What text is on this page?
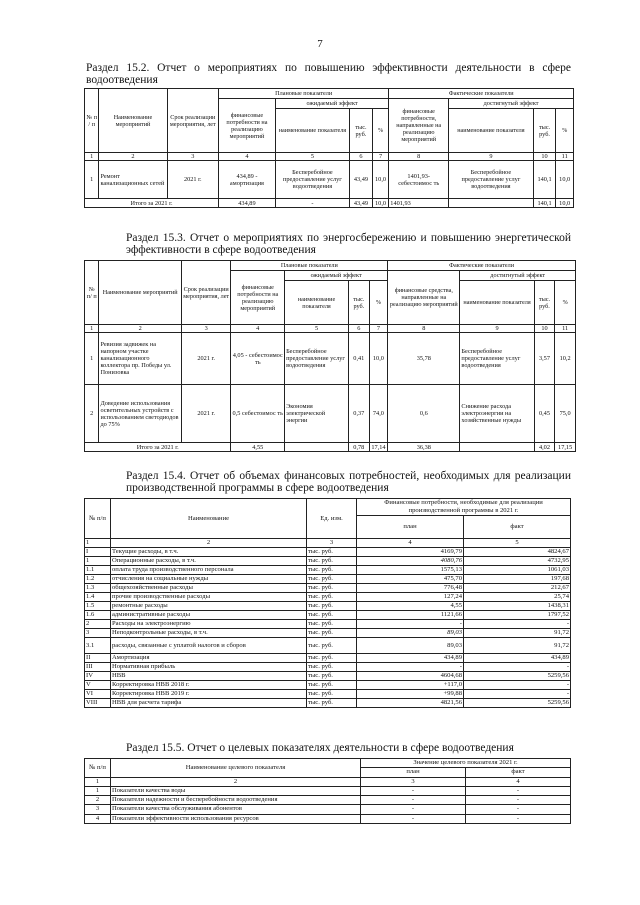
7
Раздел 15.2. Отчет о мероприятиях по повышению эффективности деятельности в сфере водоотведения
№ п / п	Наименование мероприятий	Срок реализации мероприятия, лет	Плановые показатели				Фактические показатели			
			финансовые потребности на реализацию мероприятий	ожидаемый эффект			финансовые потребности, направленные на реализацию мероприятий	достигнутый эффект		
				наименование показателя	тыс. руб.	%		наименование показателя	тыс. руб.	%
1	2	3	4	5	6	7	8	9	10	11
1	Ремонт канализационных сетей	2021 г.	434,89 - амортизация	Бесперебойное предоставление услуг водоотведения	43,49	10,0	1401,93- себестоимос ть	Бесперебойное предоставление услуг водоотведения	140,1	10,0
Итого за 2021 г.			434,89	-	43,49	10,0	1401,93		140,1	10,0
Раздел 15.3. Отчет о мероприятиях по энергосбережению и повышению энергетической эффективности в сфере водоотведения
№ п/ п	Наименование мероприятий	Срок реализации мероприятия, лет	Плановые показатели				Фактические показатели			
			финансовые потребности на реализацию мероприятий	ожидаемый эффект			финансовые средства, направленные на реализацию мероприятий	достигнутый эффект		
				наименование показателя	тыс. руб.	%		наименование показателя	тыс. руб.	%
1	2	3	4	5	6	7	8	9	10	11
1	Ревизия задвижек на напорном участке канализационного коллектора пр. Победы ул. Понизовка	2021 г.	4,05 - себестоимос ть	Бесперебойное предоставление услуг водоотведения	0,41	10,0	35,78	Бесперебойное предоставление услуг водоотведения	3,57	10,2
2	Доведение использования осветительных устройств с использованием светодиодов до 75%	2021 г.	0,5 себестоимос ть	Экономия электрической энергии	0,37	74,0	0,6	Снижение расхода электроэнергии на хозяйственные нужды	0,45	75,0
Итого за 2021 г.			4,55		0,78	17,14	36,38		4,02	17,15
Раздел 15.4. Отчет об объемах финансовых потребностей, необходимых для реализации производственной программы в сфере водоотведения
№ п/п	Наименование	Ед. изм.	Финансовые потребности, необходимые для реализации производственной программы в 2021 г.	
			план	факт
1	2	3	4	5
I	Текущие расходы, в т.ч.	тыс. руб.	4169,79	4824,67
1	Операционные расходы, в т.ч.	тыс. руб.	4080,76	4732,95
1.1	оплата труда производственного персонала	тыс. руб.	1575,13	1061,03
1.2	отчисления на социальные нужды	тыс. руб.	475,70	197,68
1.3	общехозяйственные расходы	тыс. руб.	776,48	212,67
1.4	прочие производственные расходы	тыс. руб.	127,24	25,74
1.5	ремонтные расходы	тыс. руб.	4,55	1438,31
1.6	административные расходы	тыс. руб.	1121,66	1797,52
2	Расходы на электроэнергию	тыс. руб.	-	-
3	Неподконтрольные расходы, в т.ч.	тыс. руб.	89,03	91,72
3.1	расходы, связанные с уплатой налогов и сборов	тыс. руб.	89,03	91,72
II	Амортизация	тыс. руб.	434,89	434,89
III	Нормативная прибыль	тыс. руб.	-	-
IV	НВВ	тыс. руб.	4604,68	5259,56
V	Корректировка НВВ 2018 г.	тыс. руб.	+117,0	-
VI	Корректировка НВВ 2019 г.	тыс. руб.	+99,88	-
VIII	НВВ для расчета тарифа	тыс. руб.	4821,56	5259,56
Раздел 15.5. Отчет о целевых показателях деятельности в сфере водоотведения
№ п/п	Наименование целевого показателя	Значение целевого показателя 2021 г.	
		план	факт
1	2	3	4
1	Показатели качества воды	-	-
2	Показатели надежности и бесперебойности водоотведения	-	-
3	Показатели качества обслуживания абонентов	-	-
4	Показатели эффективности использования ресурсов	-	-
